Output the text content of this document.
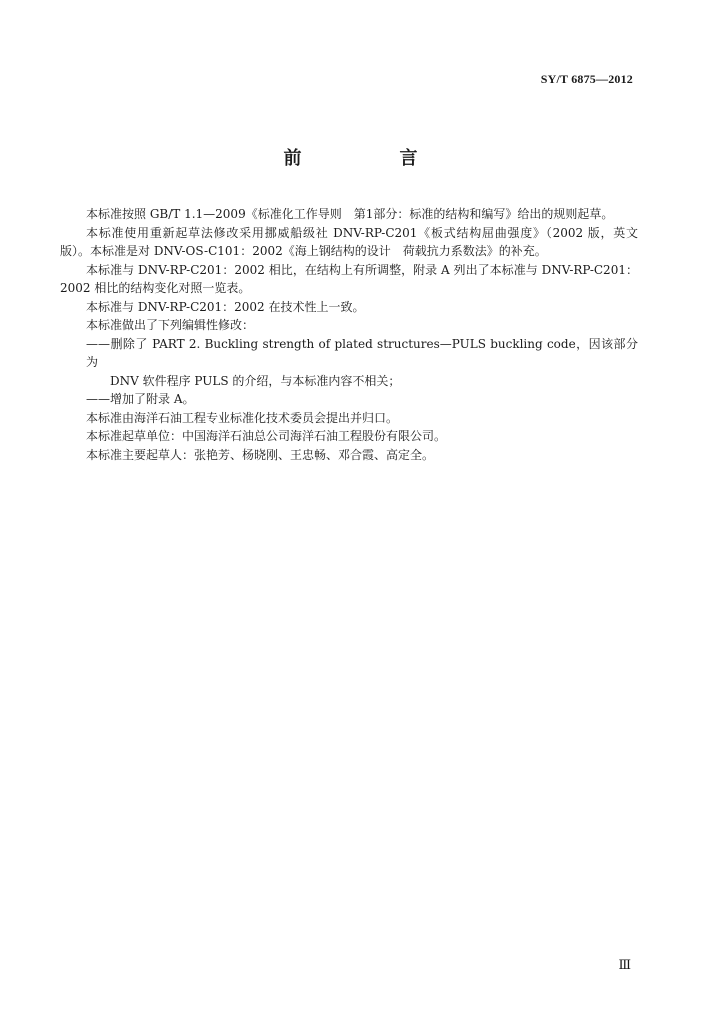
SY/T 6875—2012
前　言

本标准按照 GB/T 1.1—2009《标准化工作导则　第1部分：标准的结构和编写》给出的规则起草。

本标准使用重新起草法修改采用挪威船级社 DNV-RP-C201《板式结构屈曲强度》（2002 版，英文版）。本标准是对 DNV-OS-C101：2002《海上钢结构的设计　荷载抗力系数法》的补充。

本标准与 DNV-RP-C201：2002 相比，在结构上有所调整，附录 A 列出了本标准与 DNV-RP-C201：2002 相比的结构变化对照一览表。

本标准与 DNV-RP-C201：2002 在技术性上一致。

本标准做出了下列编辑性修改：

——删除了 PART 2. Buckling strength of plated structures—PULS buckling code，因该部分为
DNV 软件程序 PULS 的介绍，与本标准内容不相关；

——增加了附录 A。

本标准由海洋石油工程专业标准化技术委员会提出并归口。

本标准起草单位：中国海洋石油总公司海洋石油工程股份有限公司。

本标准主要起草人：张艳芳、杨晓刚、王忠畅、邓合霞、高定全。

Ⅲ
